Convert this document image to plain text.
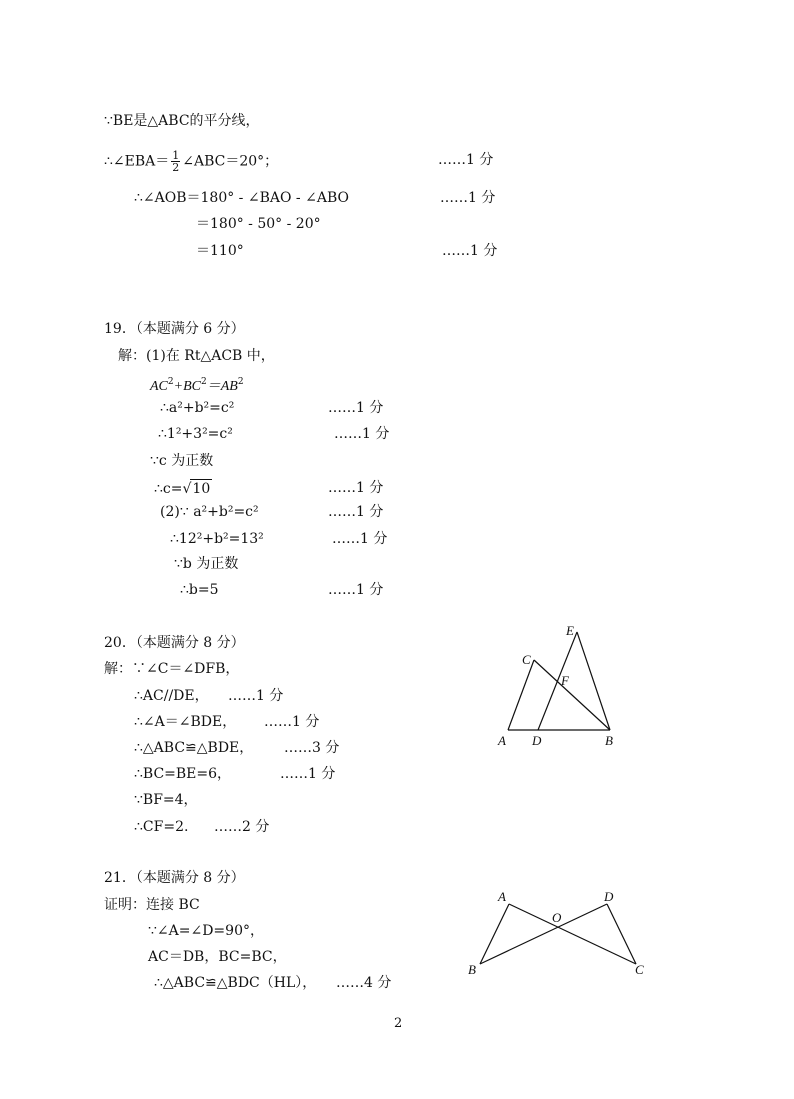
∵BE是△ABC的平分线，
∴∠EBA＝ $\frac{1}{2}$ ∠ABC＝20°；	……1 分
∴∠AOB＝180° - ∠BAO - ∠ABO	……1 分
＝180° - 50° - 20°
＝110°	……1 分
19．（本题满分 6 分）
解：(1)在 Rt△ACB 中，
$AC^2+BC^2=AB^2$
∴a²+b²=c²	……1 分
∴1²+3²=c²	……1 分
∵c 为正数
∴c=√10	……1 分
(2)∵ a²+b²=c²	……1 分
∴12²+b²=13²	……1 分
∵b 为正数
∴b=5	……1 分
20．（本题满分 8 分）
解：∵∠C＝∠DFB，
∴AC//DE， ……1 分
∴∠A＝∠BDE， ……1 分
∴△ABC≌△BDE， ……3 分
∴BC=BE=6，	……1 分
∵BF=4，
∴CF=2. ……2 分
A D	B
C
E
F
21．（本题满分 8 分）
证明：连接 BC
∵∠A=∠D=90°，
AC＝DB，BC=BC，
∴△ABC≌△BDC（HL）， ……4 分
A	D
O
B	C
2
